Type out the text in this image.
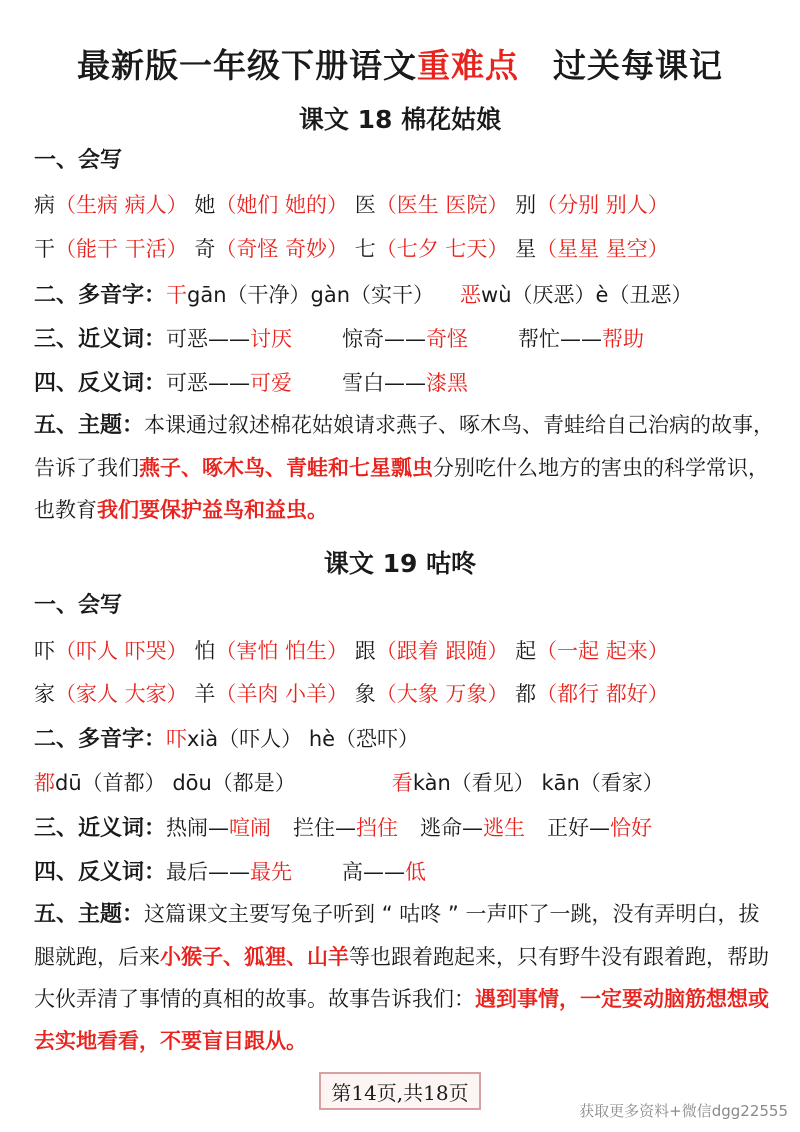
最新版一年级下册语文重难点 过关每课记
课文 18 棉花姑娘
一、会写
病（生病 病人） 她（她们 她的） 医（医生 医院） 别（分别 别人）
干（能干 干活） 奇（奇怪 奇妙） 七（七夕 七天） 星（星星 星空）
二、多音字：干gān（干净）gàn（实干） 恶wù（厌恶）è（丑恶）
三、近义词：可恶——讨厌 惊奇——奇怪 帮忙——帮助
四、反义词：可恶——可爱 雪白——漆黑
五、主题：本课通过叙述棉花姑娘请求燕子、啄木鸟、青蛙给自己治病的故事，告诉了我们燕子、啄木鸟、青蛙和七星瓢虫分别吃什么地方的害虫的科学常识，也教育我们要保护益鸟和益虫。
课文 19 咕咚
一、会写
吓（吓人 吓哭） 怕（害怕 怕生） 跟（跟着 跟随） 起（一起 起来）
家（家人 大家） 羊（羊肉 小羊） 象（大象 万象） 都（都行 都好）
二、多音字：吓xià（吓人） hè（恐吓）
都dū（首都） dōu（都是）	看kàn（看见） kān（看家）
三、近义词：热闹—喧闹 拦住—挡住 逃命—逃生 正好—恰好
四、反义词：最后——最先 高——低
五、主题：这篇课文主要写兔子听到 “ 咕咚 ” 一声吓了一跳，没有弄明白，拔腿就跑，后来小猴子、狐狸、山羊等也跟着跑起来，只有野牛没有跟着跑，帮助大伙弄清了事情的真相的故事。故事告诉我们：遇到事情，一定要动脑筋想想或去实地看看，不要盲目跟从。
第14页,共18页
获取更多资料+微信dgg22555
